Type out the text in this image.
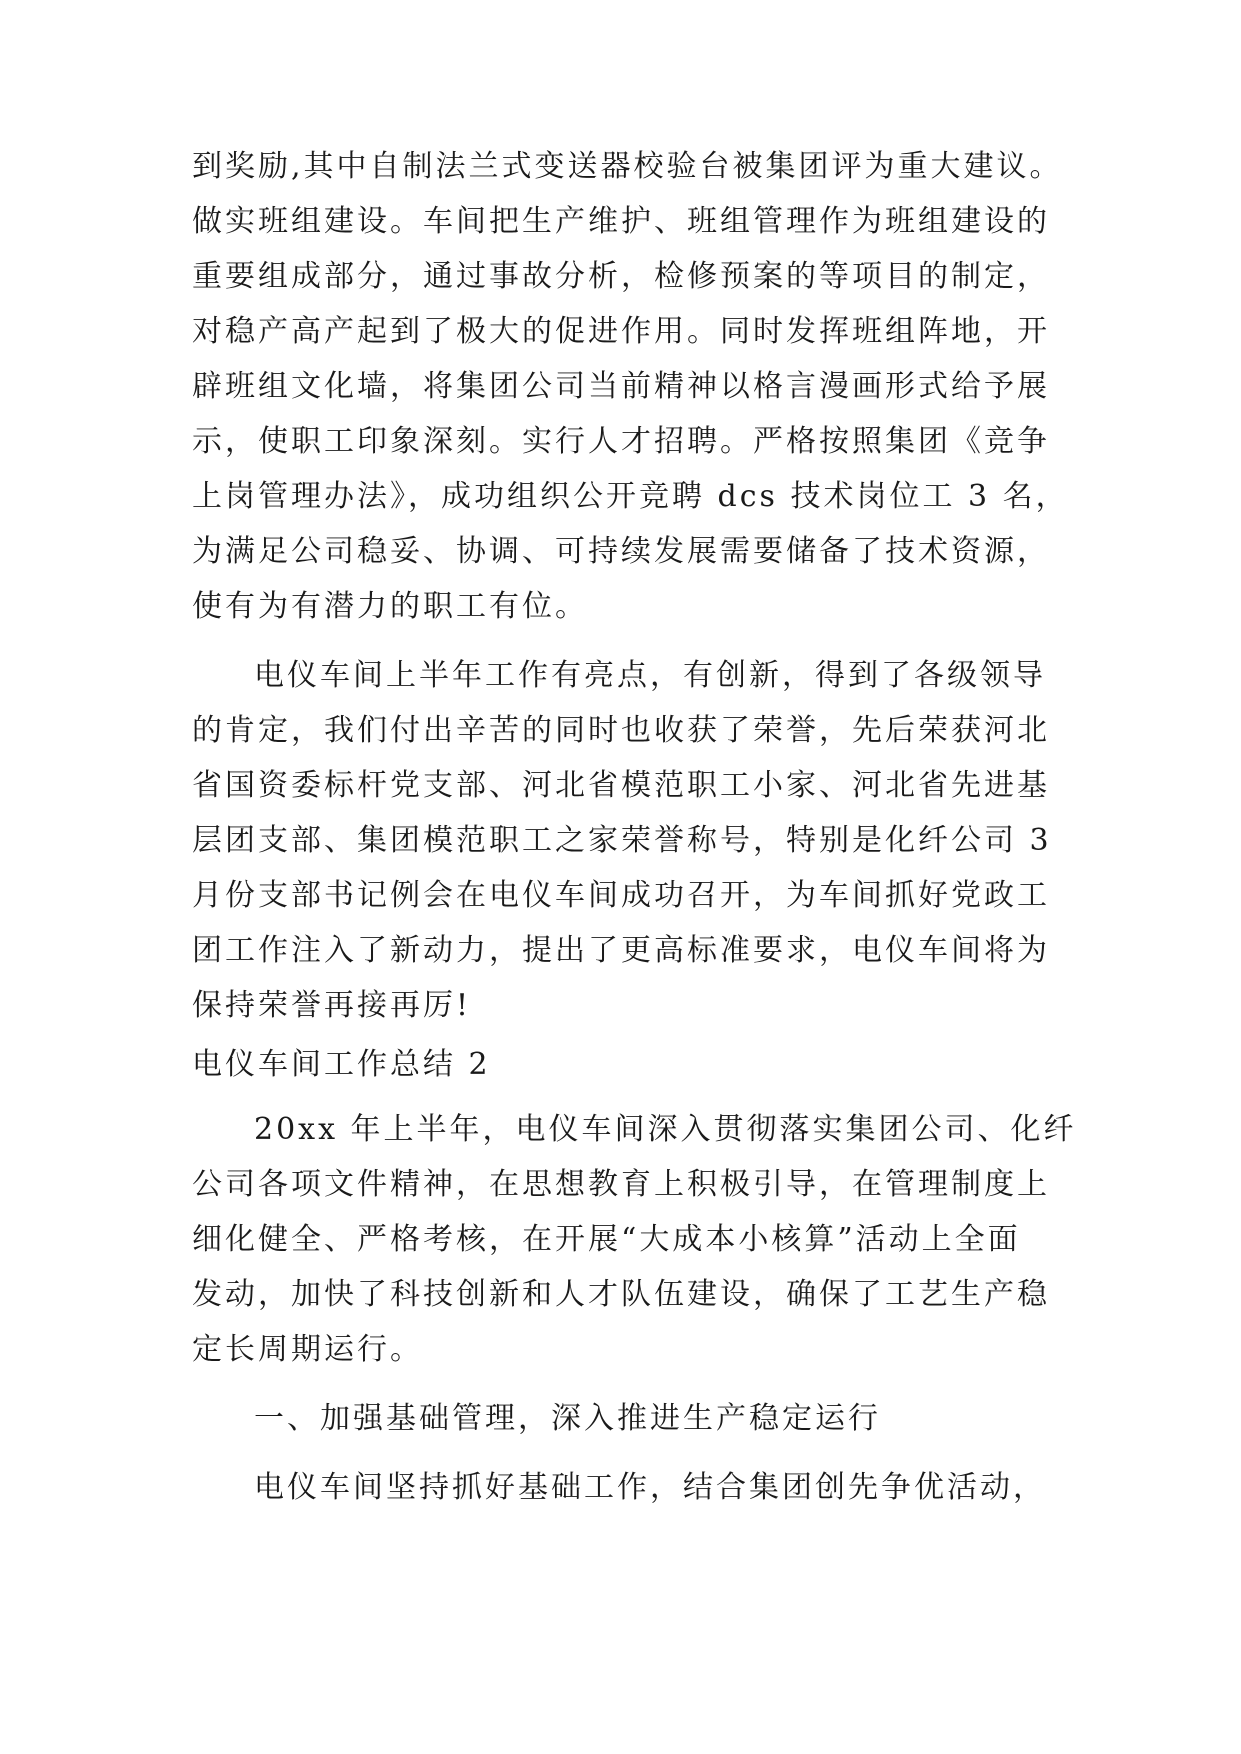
到奖励,其中自制法兰式变送器校验台被集团评为重大建议。
做实班组建设。车间把生产维护、班组管理作为班组建设的
重要组成部分，通过事故分析，检修预案的等项目的制定，
对稳产高产起到了极大的促进作用。同时发挥班组阵地，开
辟班组文化墙，将集团公司当前精神以格言漫画形式给予展
示，使职工印象深刻。实行人才招聘。严格按照集团《竞争
上岗管理办法》，成功组织公开竞聘 dcs 技术岗位工 3 名，
为满足公司稳妥、协调、可持续发展需要储备了技术资源，
使有为有潜力的职工有位。
电仪车间上半年工作有亮点，有创新，得到了各级领导
的肯定，我们付出辛苦的同时也收获了荣誉，先后荣获河北
省国资委标杆党支部、河北省模范职工小家、河北省先进基
层团支部、集团模范职工之家荣誉称号，特别是化纤公司 3
月份支部书记例会在电仪车间成功召开，为车间抓好党政工
团工作注入了新动力，提出了更高标准要求，电仪车间将为
保持荣誉再接再厉!
电仪车间工作总结 2
20xx 年上半年，电仪车间深入贯彻落实集团公司、化纤
公司各项文件精神，在思想教育上积极引导，在管理制度上
细化健全、严格考核，在开展“大成本小核算”活动上全面
发动，加快了科技创新和人才队伍建设，确保了工艺生产稳
定长周期运行。
一、加强基础管理，深入推进生产稳定运行
电仪车间坚持抓好基础工作，结合集团创先争优活动，
